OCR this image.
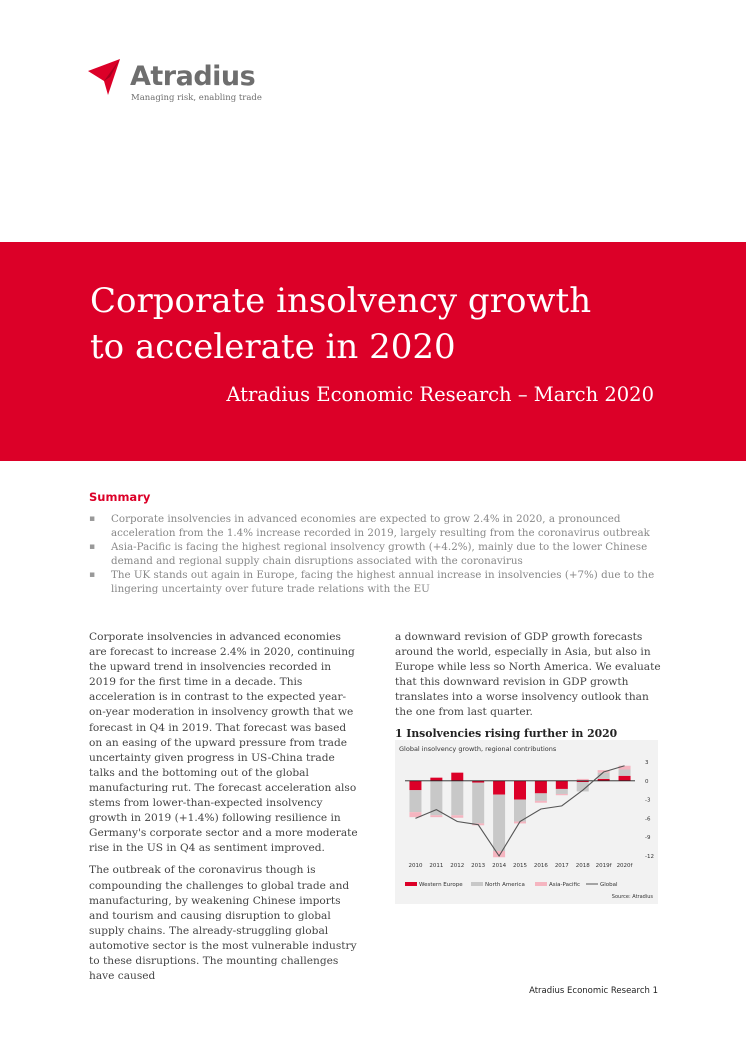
Atradius
Managing risk, enabling trade
Corporate insolvency growth
to accelerate in 2020
Atradius Economic Research – March 2020
Summary
▪ Corporate insolvencies in advanced economies are expected to grow 2.4% in 2020, a pronounced acceleration from the 1.4% increase recorded in 2019, largely resulting from the coronavirus outbreak
▪ Asia-Pacific is facing the highest regional insolvency growth (+4.2%), mainly due to the lower Chinese demand and regional supply chain disruptions associated with the coronavirus
▪ The UK stands out again in Europe, facing the highest annual increase in insolvencies (+7%) due to the lingering uncertainty over future trade relations with the EU

Corporate insolvencies in advanced economies are forecast to increase 2.4% in 2020, continuing the upward trend in insolvencies recorded in 2019 for the first time in a decade. This acceleration is in contrast to the expected year-on-year moderation in insolvency growth that we forecast in Q4 in 2019. That forecast was based on an easing of the upward pressure from trade uncertainty given progress in US-China trade talks and the bottoming out of the global manufacturing rut. The forecast acceleration also stems from lower-than-expected insolvency growth in 2019 (+1.4%) following resilience in Germany's corporate sector and a more moderate rise in the US in Q4 as sentiment improved.

The outbreak of the coronavirus though is compounding the challenges to global trade and manufacturing, by weakening Chinese imports and tourism and causing disruption to global supply chains. The already-struggling global automotive sector is the most vulnerable industry to these disruptions. The mounting challenges have caused

a downward revision of GDP growth forecasts around the world, especially in Asia, but also in Europe while less so North America. We evaluate that this downward revision in GDP growth translates into a worse insolvency outlook than the one from last quarter.

1 Insolvencies rising further in 2020
Global insolvency growth, regional contributions
3
0
-3
-6
-9
-12
2010 2011 2012 2013 2014 2015 2016 2017 2018 2019f 2020f
Western Europe	North America	Asia-Pacific	Global
Source: Atradius
Atradius Economic Research 1
